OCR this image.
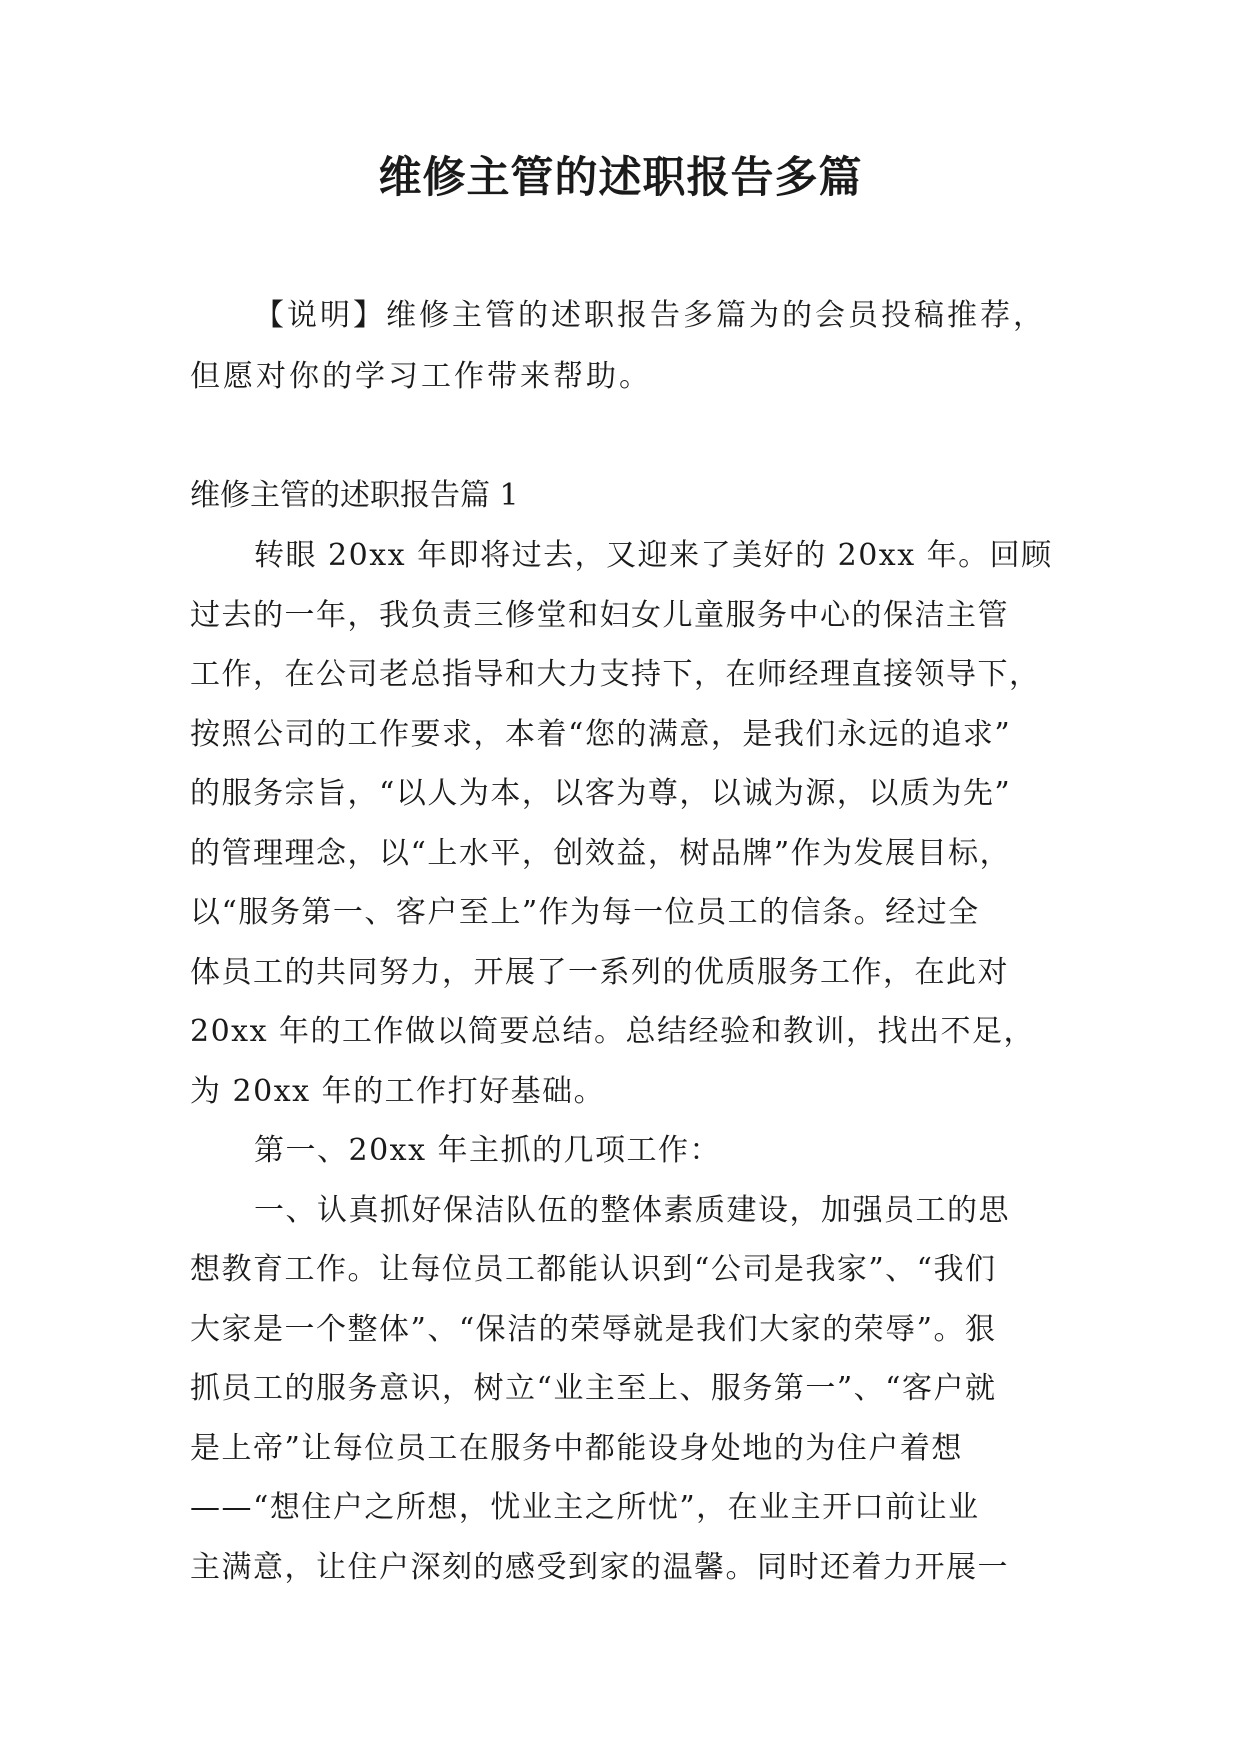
维修主管的述职报告多篇
【说明】维修主管的述职报告多篇为的会员投稿推荐，
但愿对你的学习工作带来帮助。
维修主管的述职报告篇 1
转眼 20xx 年即将过去，又迎来了美好的 20xx 年。回顾
过去的一年，我负责三修堂和妇女儿童服务中心的保洁主管
工作，在公司老总指导和大力支持下，在师经理直接领导下，
按照公司的工作要求，本着“您的满意，是我们永远的追求”
的服务宗旨，“以人为本，以客为尊，以诚为源，以质为先”
的管理理念，以“上水平，创效益，树品牌”作为发展目标，
以“服务第一、客户至上”作为每一位员工的信条。经过全
体员工的共同努力，开展了一系列的优质服务工作，在此对
20xx 年的工作做以简要总结。总结经验和教训，找出不足，
为 20xx 年的工作打好基础。
第一、20xx 年主抓的几项工作：
一、认真抓好保洁队伍的整体素质建设，加强员工的思
想教育工作。让每位员工都能认识到“公司是我家”、“我们
大家是一个整体”、“保洁的荣辱就是我们大家的荣辱”。狠
抓员工的服务意识，树立“业主至上、服务第一”、“客户就
是上帝”让每位员工在服务中都能设身处地的为住户着想
——“想住户之所想，忧业主之所忧”，在业主开口前让业
主满意，让住户深刻的感受到家的温馨。同时还着力开展一
